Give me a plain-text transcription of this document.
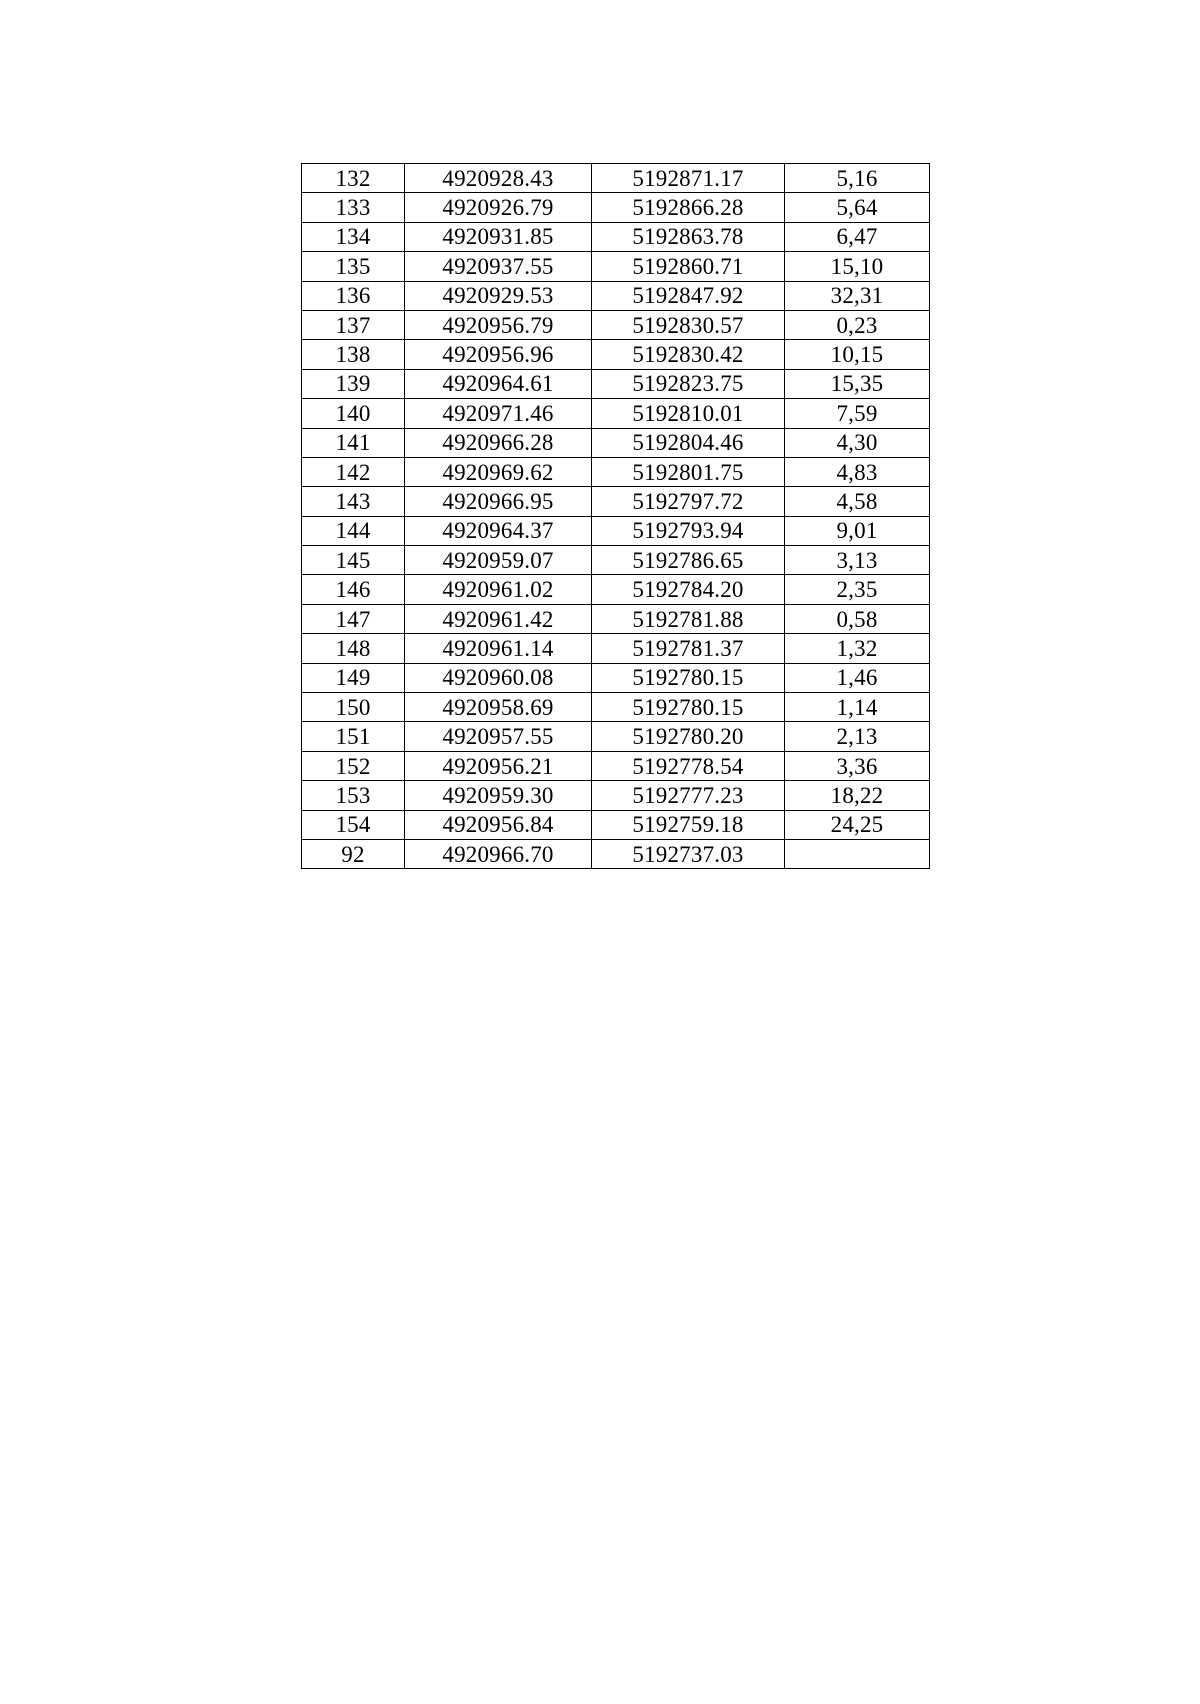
132	4920928.43	5192871.17	5,16
133	4920926.79	5192866.28	5,64
134	4920931.85	5192863.78	6,47
135	4920937.55	5192860.71	15,10
136	4920929.53	5192847.92	32,31
137	4920956.79	5192830.57	0,23
138	4920956.96	5192830.42	10,15
139	4920964.61	5192823.75	15,35
140	4920971.46	5192810.01	7,59
141	4920966.28	5192804.46	4,30
142	4920969.62	5192801.75	4,83
143	4920966.95	5192797.72	4,58
144	4920964.37	5192793.94	9,01
145	4920959.07	5192786.65	3,13
146	4920961.02	5192784.20	2,35
147	4920961.42	5192781.88	0,58
148	4920961.14	5192781.37	1,32
149	4920960.08	5192780.15	1,46
150	4920958.69	5192780.15	1,14
151	4920957.55	5192780.20	2,13
152	4920956.21	5192778.54	3,36
153	4920959.30	5192777.23	18,22
154	4920956.84	5192759.18	24,25
92	4920966.70	5192737.03	
